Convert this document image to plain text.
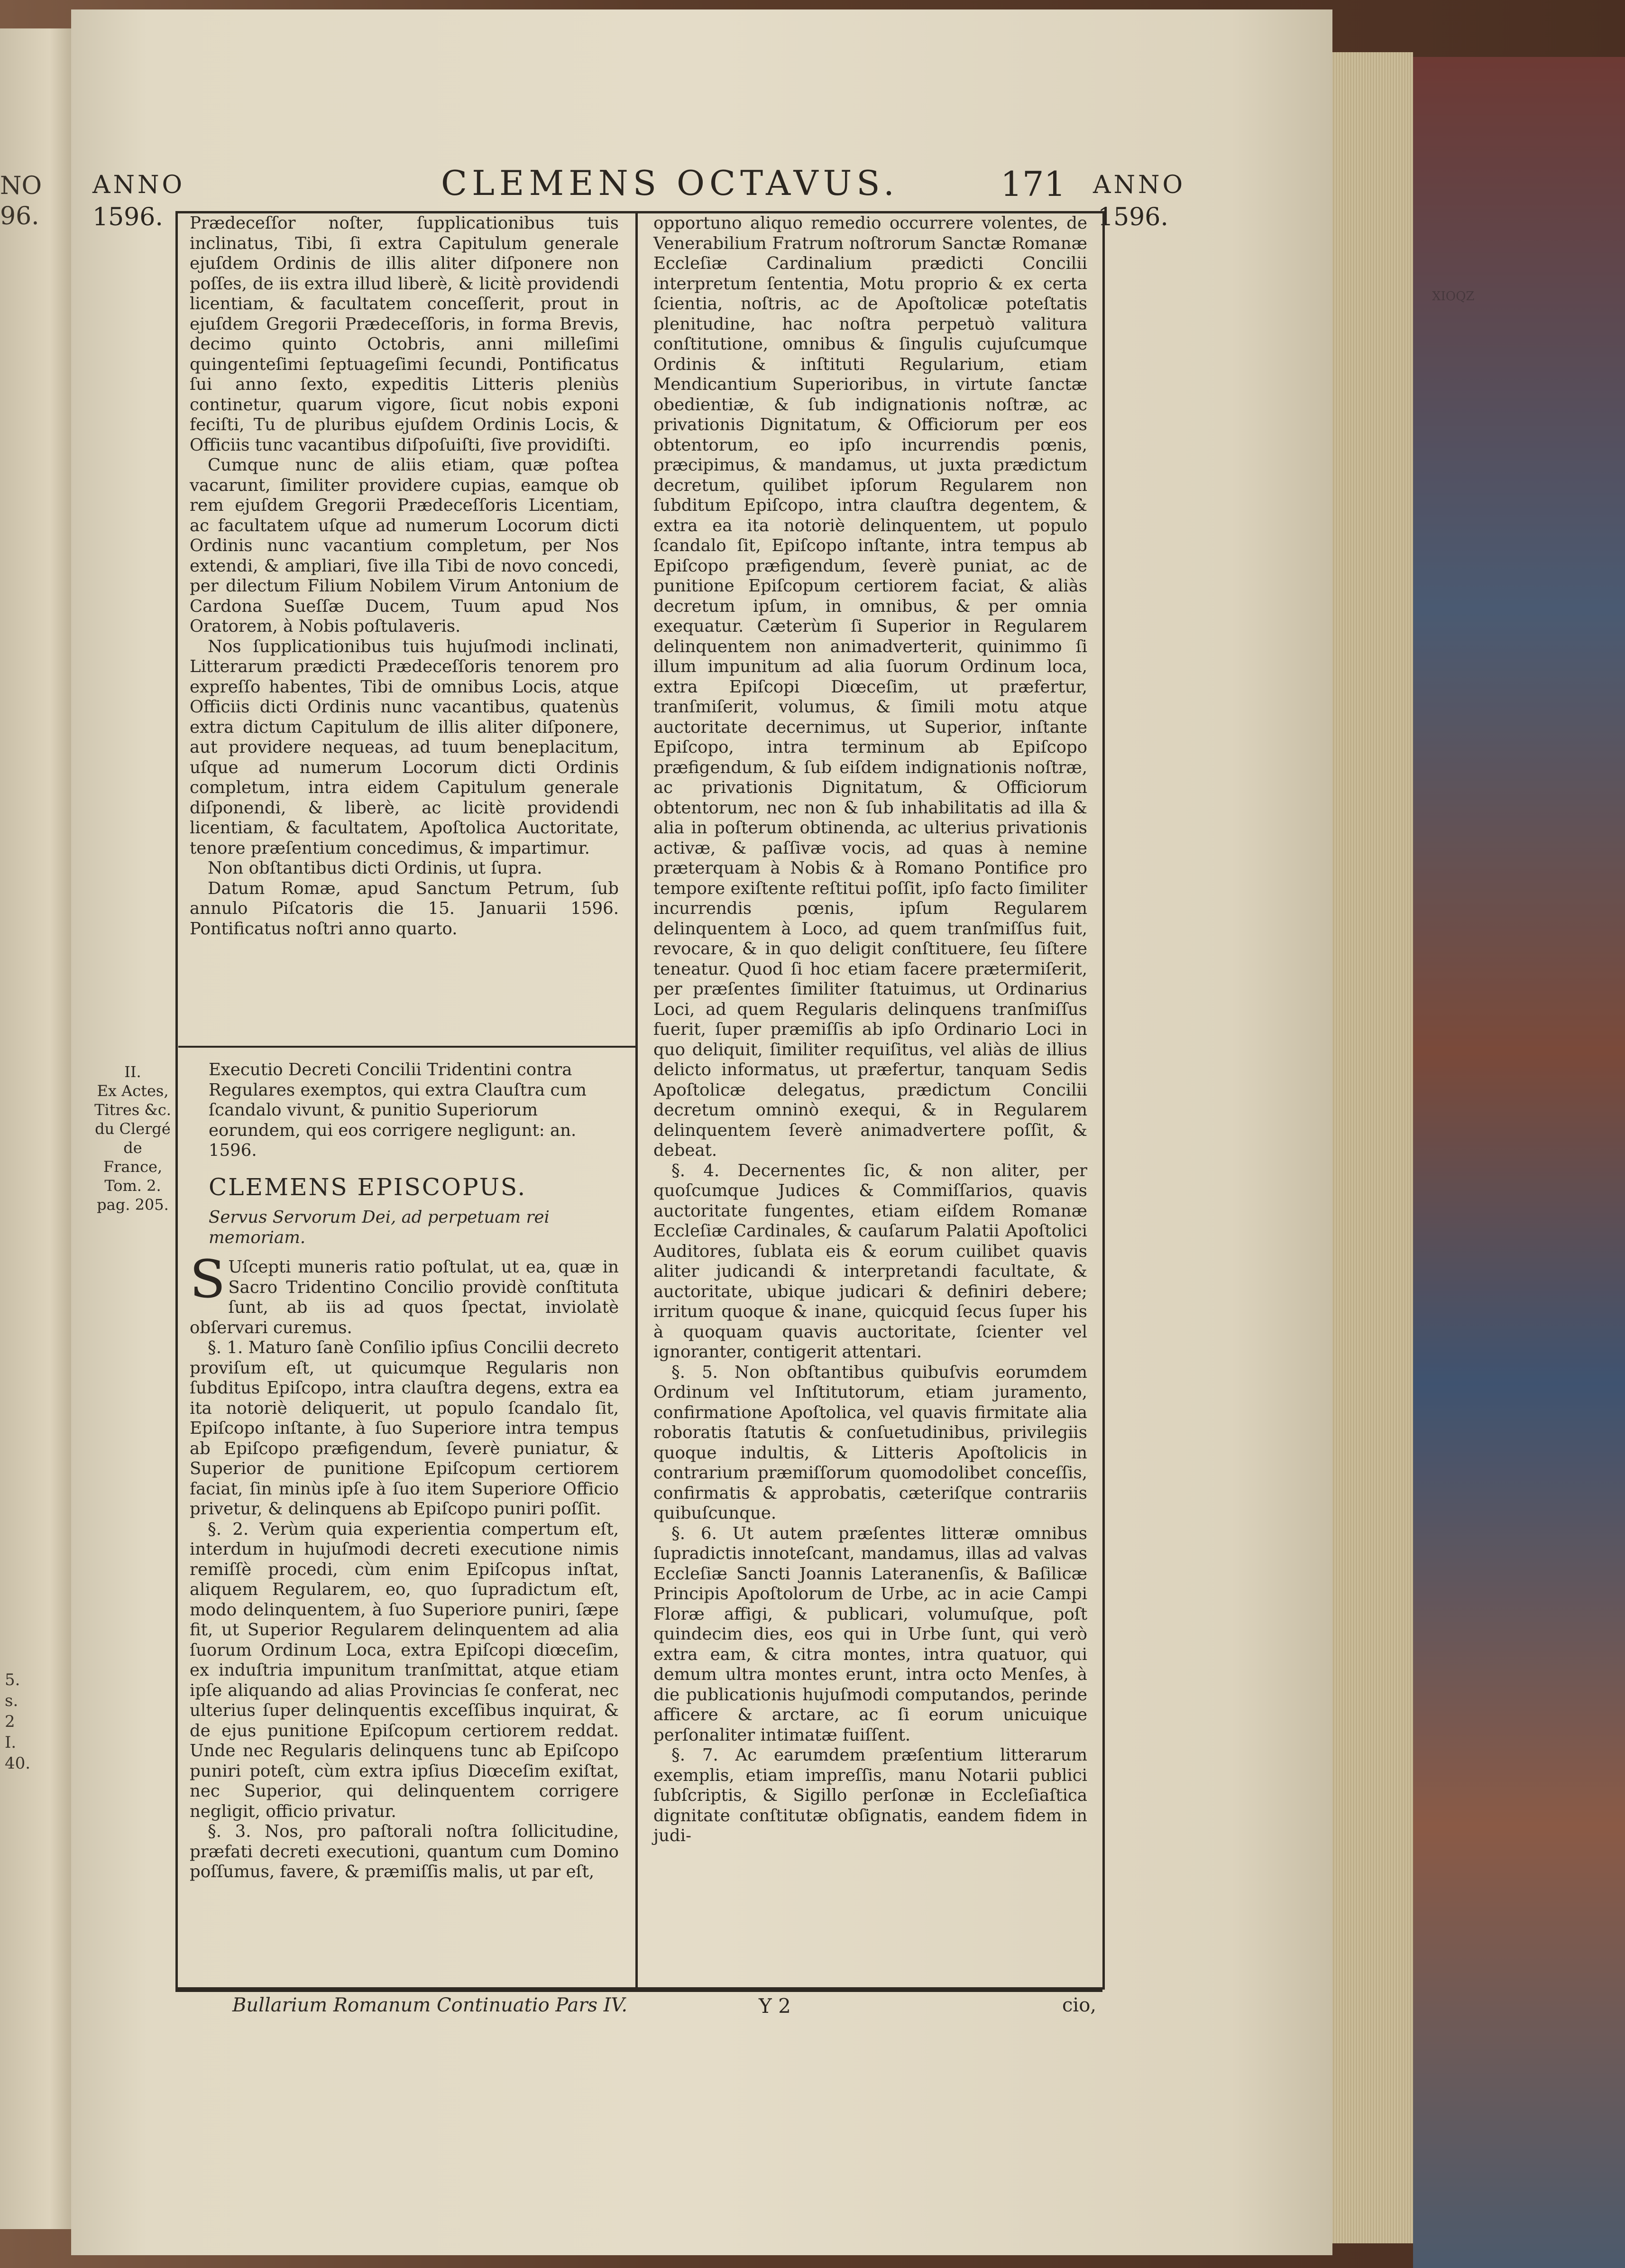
NO
96.
5.
s.
2
I.
40.
XIOQZ
ANNO
1596.
CLEMENS OCTAVUS.	171 ANNO
1596.

Prædeceſſor noſter, ſupplicationibus tuis inclinatus, Tibi, ſi extra Capitulum generale ejuſdem Ordinis de illis aliter diſponere non poſſes, de iis extra illud liberè, & licitè providendi licentiam, & facultatem conceſſerit, prout in ejuſdem Gregorii Prædeceſſoris, in forma Brevis, decimo quinto Octobris, anni milleſimi quingenteſimi ſeptuageſimi ſecundi, Pontificatus ſui anno ſexto, expeditis Litteris pleniùs continetur, quarum vigore, ſicut nobis exponi feciſti, Tu de pluribus ejuſdem Ordinis Locis, & Officiis tunc vacantibus diſpoſuiſti, ſive providiſti.

Cumque nunc de aliis etiam, quæ poſtea vacarunt, ſimiliter providere cupias, eamque ob rem ejuſdem Gregorii Prædeceſſoris Licentiam, ac facultatem uſque ad numerum Locorum dicti Ordinis nunc vacantium completum, per Nos extendi, & ampliari, ſive illa Tibi de novo concedi, per dilectum Filium Nobilem Virum Antonium de Cardona Sueſſæ Ducem, Tuum apud Nos Oratorem, à Nobis poſtulaveris.

Nos ſupplicationibus tuis hujuſmodi inclinati, Litterarum prædicti Prædeceſſoris tenorem pro expreſſo habentes, Tibi de omnibus Locis, atque Officiis dicti Ordinis nunc vacantibus, quatenùs extra dictum Capitulum de illis aliter diſponere, aut providere nequeas, ad tuum beneplacitum, uſque ad numerum Locorum dicti Ordinis completum, intra eidem Capitulum generale diſponendi, & liberè, ac licitè providendi licentiam, & facultatem, Apoſtolica Auctoritate, tenore præſentium concedimus, & impartimur.

Non obſtantibus dicti Ordinis, ut ſupra.

Datum Romæ, apud Sanctum Petrum, ſub annulo Piſcatoris die 15. Januarii 1596. Pontificatus noſtri anno quarto.

II.
Ex Actes,
Titres &c.
du Clergé
de France,
Tom. 2.
pag. 205.

Executio Decreti Concilii Tridentini contra Regulares exemptos, qui extra Clauſtra cum ſcandalo vivunt, & punitio Superiorum eorundem, qui eos corrigere negligunt: an. 1596.

CLEMENS EPISCOPUS.

Servus Servorum Dei, ad perpetuam rei memoriam.

S Uſcepti muneris ratio poſtulat, ut ea, quæ in Sacro Tridentino Concilio providè conſtituta ſunt, ab iis ad quos ſpectat, inviolatè obſervari curemus.

§. 1. Maturo ſanè Conſilio ipſius Concilii decreto proviſum eſt, ut quicumque Regularis non ſubditus Epiſcopo, intra clauſtra degens, extra ea ita notoriè deliquerit, ut populo ſcandalo ſit, Epiſcopo inſtante, à ſuo Superiore intra tempus ab Epiſcopo præfigendum, ſeverè puniatur, & Superior de punitione Epiſcopum certiorem faciat, ſin minùs ipſe à ſuo item Superiore Officio privetur, & delinquens ab Epiſcopo puniri poſſit.

§. 2. Verùm quia experientia compertum eſt, interdum in hujuſmodi decreti executione nimis remiſſè procedi, cùm enim Epiſcopus inſtat, aliquem Regularem, eo, quo ſupradictum eſt, modo delinquentem, à ſuo Superiore puniri, ſæpe fit, ut Superior Regularem delinquentem ad alia ſuorum Ordinum Loca, extra Epiſcopi diœceſim, ex induſtria impunitum tranſmittat, atque etiam ipſe aliquando ad alias Provincias ſe conferat, nec ulterius ſuper delinquentis exceſſibus inquirat, & de ejus punitione Epiſcopum certiorem reddat. Unde nec Regularis delinquens tunc ab Epiſcopo puniri poteſt, cùm extra ipſius Diœceſim exiſtat, nec Superior, qui delinquentem corrigere negligit, officio privatur.

§. 3. Nos, pro paſtorali noſtra ſollicitudine, præfati decreti executioni, quantum cum Domino poſſumus, favere, & præmiſſis malis, ut par eſt,

opportuno aliquo remedio occurrere volentes, de Venerabilium Fratrum noſtrorum Sanctæ Romanæ Eccleſiæ Cardinalium prædicti Concilii interpretum ſententia, Motu proprio & ex certa ſcientia, noſtris, ac de Apoſtolicæ poteſtatis plenitudine, hac noſtra perpetuò valitura conſtitutione, omnibus & ſingulis cujuſcumque Ordinis & inſtituti Regularium, etiam Mendicantium Superioribus, in virtute ſanctæ obedientiæ, & ſub indignationis noſtræ, ac privationis Dignitatum, & Officiorum per eos obtentorum, eo ipſo incurrendis pœnis, præcipimus, & mandamus, ut juxta prædictum decretum, quilibet ipſorum Regularem non ſubditum Epiſcopo, intra clauſtra degentem, & extra ea ita notoriè delinquentem, ut populo ſcandalo ſit, Epiſcopo inſtante, intra tempus ab Epiſcopo præfigendum, ſeverè puniat, ac de punitione Epiſcopum certiorem faciat, & aliàs decretum ipſum, in omnibus, & per omnia exequatur. Cæterùm ſi Superior in Regularem delinquentem non animadverterit, quinimmo ſi illum impunitum ad alia ſuorum Ordinum loca, extra Epiſcopi Diœceſim, ut præfertur, tranſmiſerit, volumus, & ſimili motu atque auctoritate decernimus, ut Superior, inſtante Epiſcopo, intra terminum ab Epiſcopo præfigendum, & ſub eiſdem indignationis noſtræ, ac privationis Dignitatum, & Officiorum obtentorum, nec non & ſub inhabilitatis ad illa & alia in poſterum obtinenda, ac ulterius privationis activæ, & paſſivæ vocis, ad quas à nemine præterquam à Nobis & à Romano Pontifice pro tempore exiſtente reſtitui poſſit, ipſo facto ſimiliter incurrendis pœnis, ipſum Regularem delinquentem à Loco, ad quem tranſmiſſus fuit, revocare, & in quo deligit conſtituere, ſeu ſiſtere teneatur. Quod ſi hoc etiam facere prætermiſerit, per præſentes ſimiliter ſtatuimus, ut Ordinarius Loci, ad quem Regularis delinquens tranſmiſſus fuerit, ſuper præmiſſis ab ipſo Ordinario Loci in quo deliquit, ſimiliter requiſitus, vel aliàs de illius delicto informatus, ut præfertur, tanquam Sedis Apoſtolicæ delegatus, prædictum Concilii decretum omninò exequi, & in Regularem delinquentem ſeverè animadvertere poſſit, & debeat.

§. 4. Decernentes ſic, & non aliter, per quoſcumque Judices & Commiſſarios, quavis auctoritate fungentes, etiam eiſdem Romanæ Eccleſiæ Cardinales, & cauſarum Palatii Apoſtolici Auditores, ſublata eis & eorum cuilibet quavis aliter judicandi & interpretandi facultate, & auctoritate, ubique judicari & definiri debere; irritum quoque & inane, quicquid ſecus ſuper his à quoquam quavis auctoritate, ſcienter vel ignoranter, contigerit attentari.

§. 5. Non obſtantibus quibuſvis eorumdem Ordinum vel Inſtitutorum, etiam juramento, confirmatione Apoſtolica, vel quavis firmitate alia roboratis ſtatutis & conſuetudinibus, privilegiis quoque indultis, & Litteris Apoſtolicis in contrarium præmiſſorum quomodolibet conceſſis, confirmatis & approbatis, cæteriſque contrariis quibuſcunque.

§. 6. Ut autem præſentes litteræ omnibus ſupradictis innoteſcant, mandamus, illas ad valvas Eccleſiæ Sancti Joannis Lateranenſis, & Baſilicæ Principis Apoſtolorum de Urbe, ac in acie Campi Floræ affigi, & publicari, volumuſque, poſt quindecim dies, eos qui in Urbe ſunt, qui verò extra eam, & citra montes, intra quatuor, qui demum ultra montes erunt, intra octo Menſes, à die publicationis hujuſmodi computandos, perinde afficere & arctare, ac ſi eorum unicuique perſonaliter intimatæ fuiſſent.

§. 7. Ac earumdem præſentium litterarum exemplis, etiam impreſſis, manu Notarii publici ſubſcriptis, & Sigillo perſonæ in Eccleſiaſtica dignitate conſtitutæ obſignatis, eandem fidem in judi-

Bullarium Romanum Continuatio Pars IV.	Y 2	cio,
